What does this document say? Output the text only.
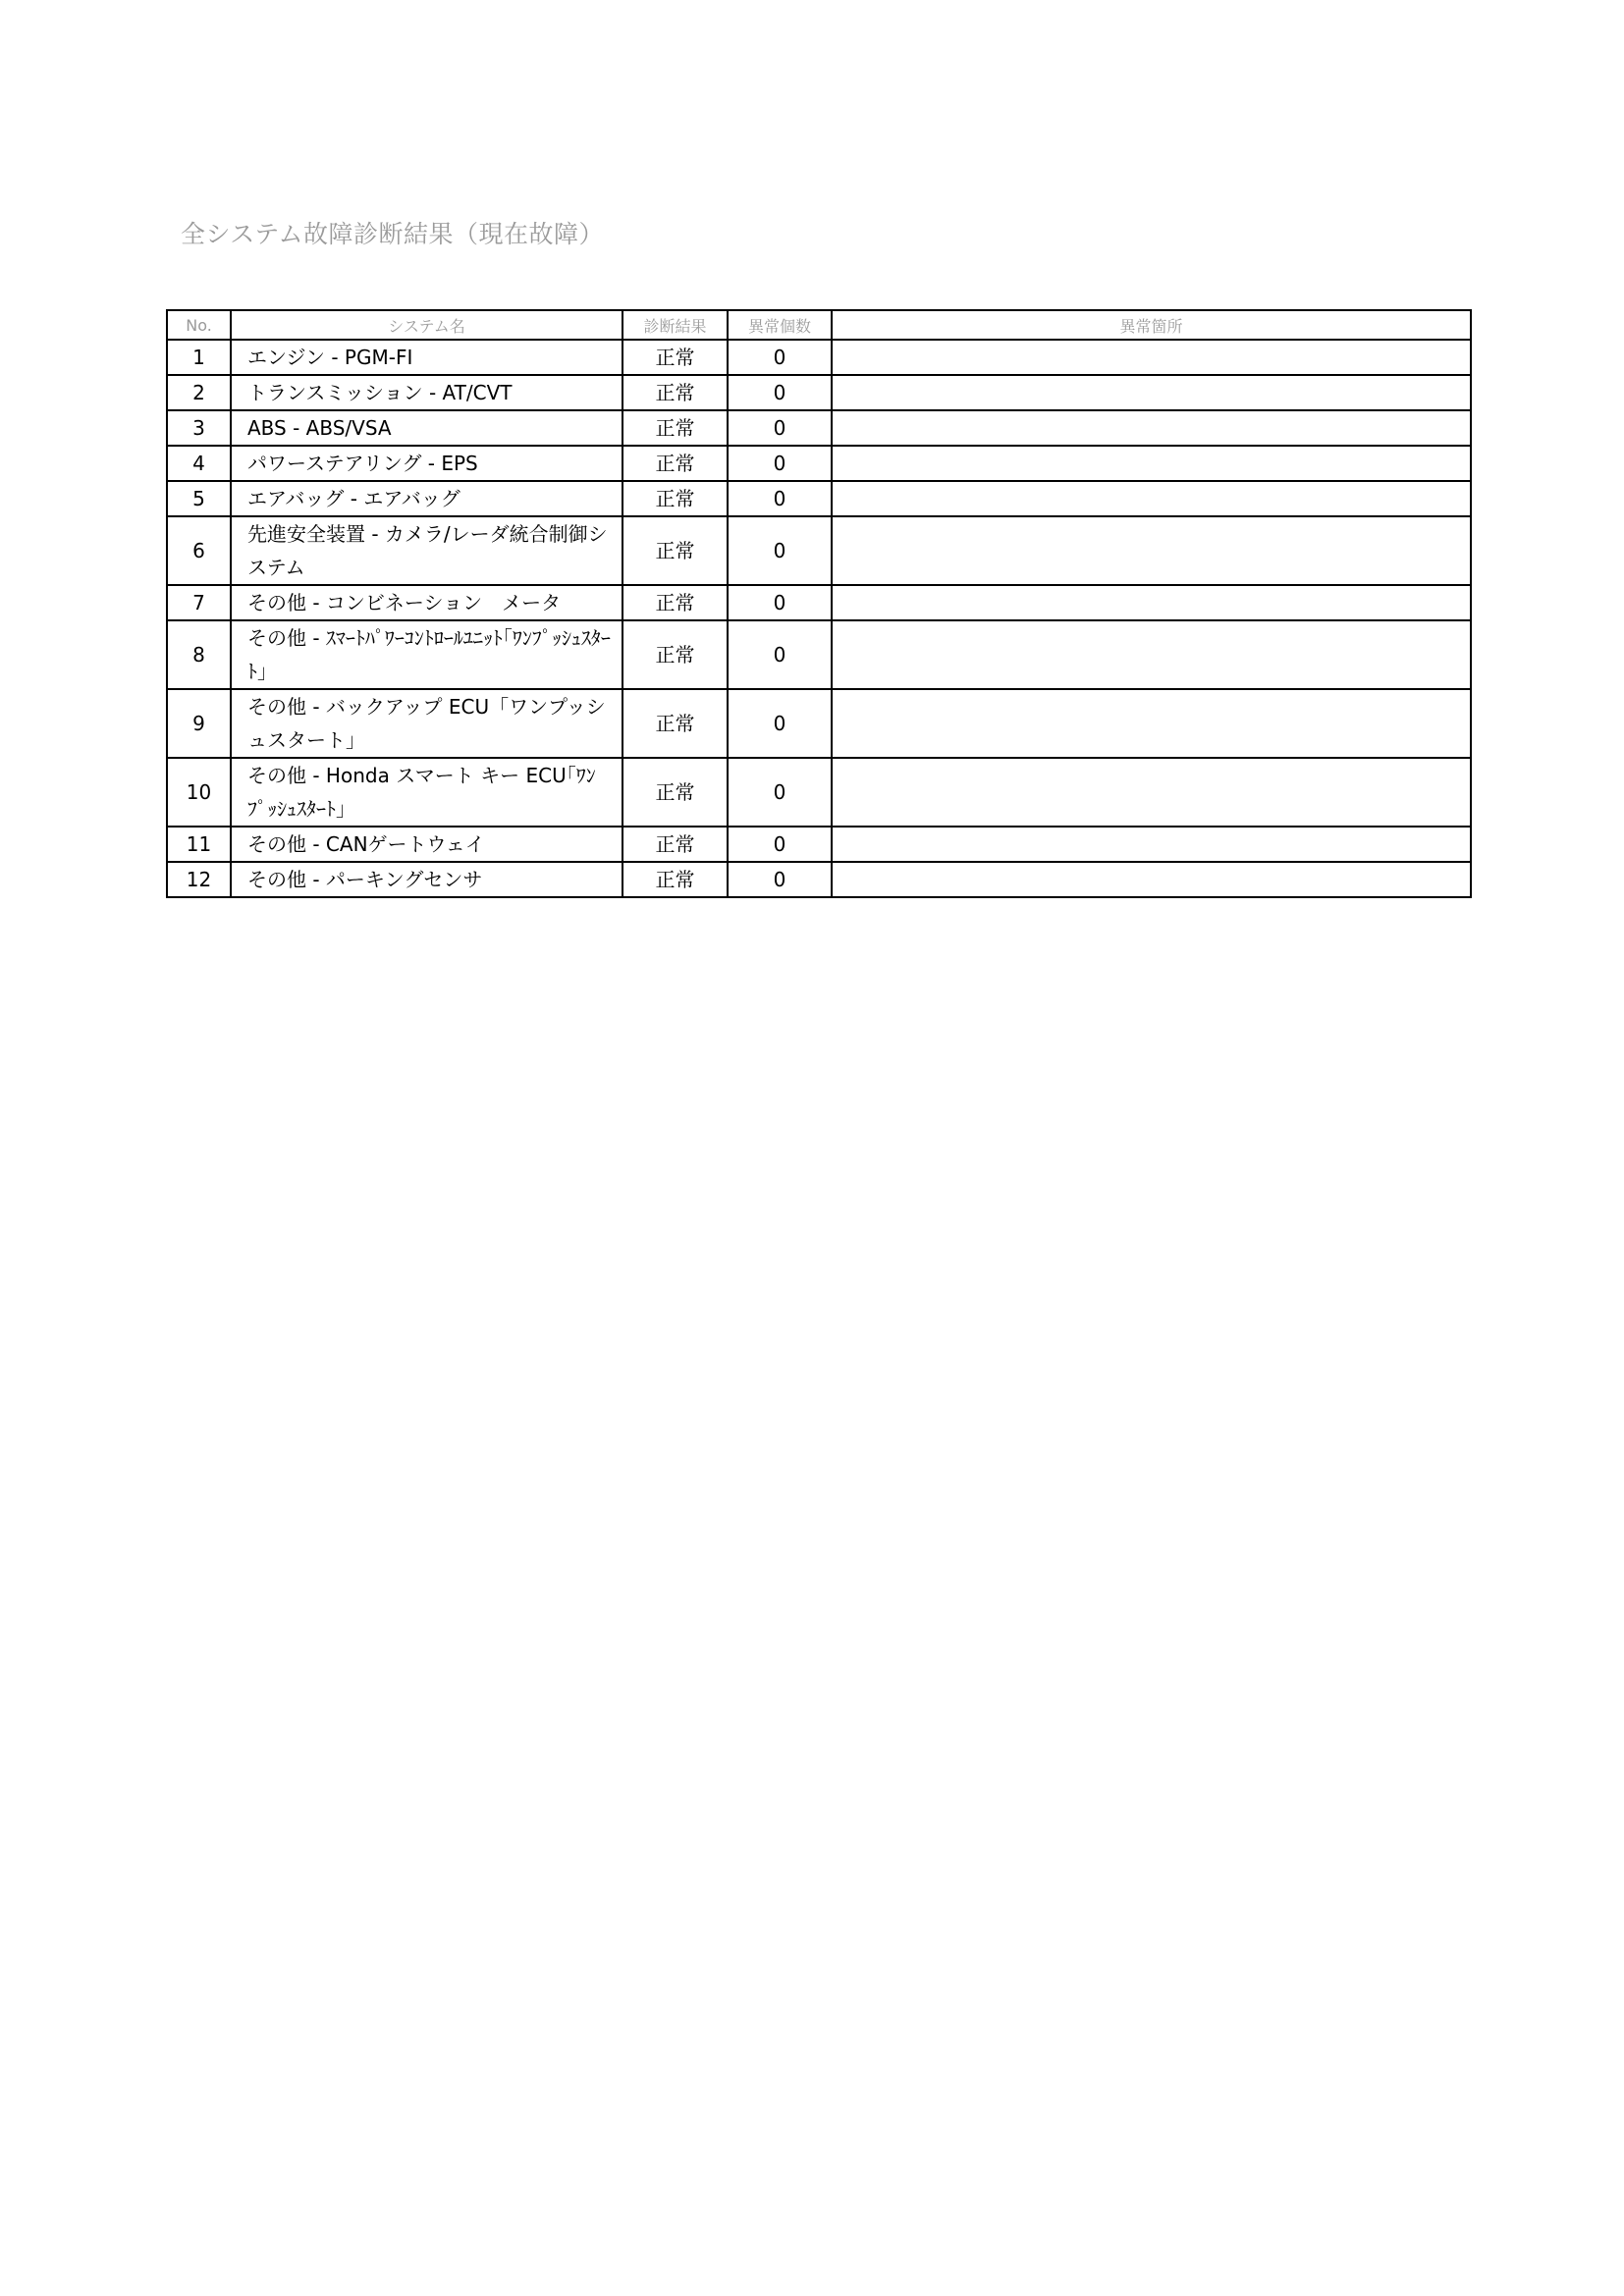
全システム故障診断結果（現在故障）
No.	システム名	診断結果	異常個数	異常箇所
1	エンジン - PGM-FI	正常	0	
2	トランスミッション - AT/CVT	正常	0	
3	ABS - ABS/VSA	正常	0	
4	パワーステアリング - EPS	正常	0	
5	エアバッグ - エアバッグ	正常	0	
6	先進安全装置 - カメラ/レーダ統合制御システム	正常	0	
7	その他 - コンビネーション　メータ	正常	0	
8	その他 - ｽﾏｰﾄﾊﾟﾜｰｺﾝﾄﾛｰﾙﾕﾆｯﾄ｢ﾜﾝﾌﾟｯｼｭｽﾀｰﾄ｣	正常	0	
9	その他 - バックアップ ECU「ワンプッシュスタート」	正常	0	
10	その他 - Honda スマート キー ECU｢ﾜﾝﾌﾟｯｼｭｽﾀｰﾄ｣	正常	0	
11	その他 - CANゲートウェイ	正常	0	
12	その他 - パーキングセンサ	正常	0	
